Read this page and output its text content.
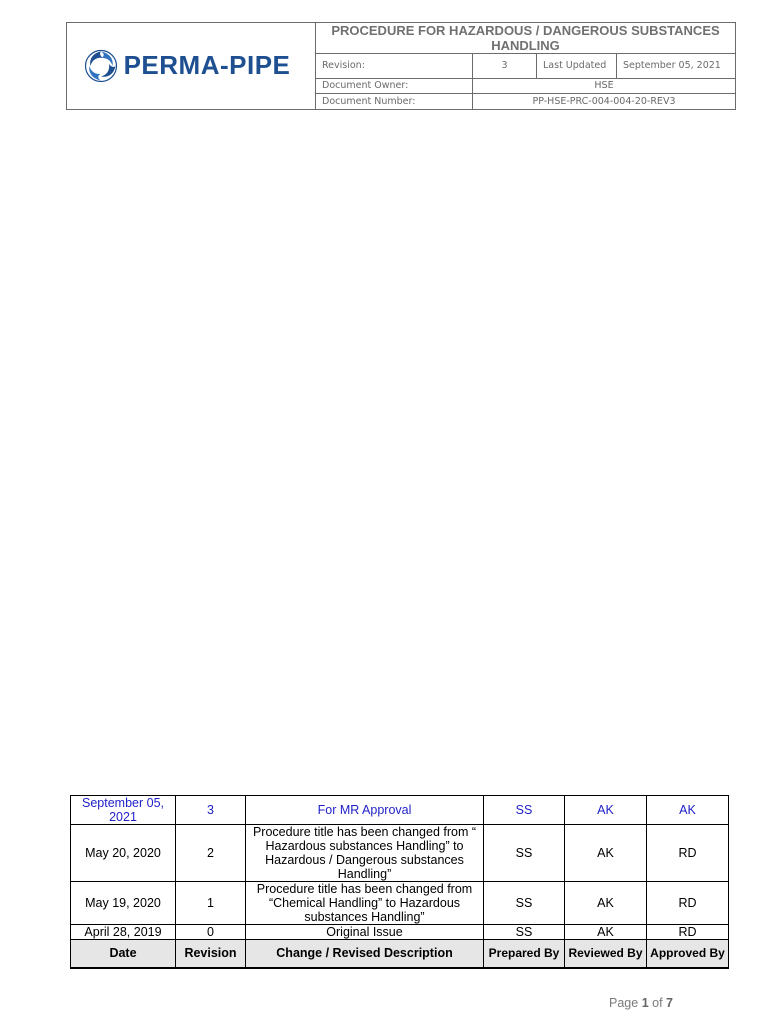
PERMA-PIPE
PROCEDURE FOR HAZARDOUS / DANGEROUS SUBSTANCES HANDLING
Revision:	3	Last Updated	September 05, 2021
Document Owner:	HSE
Document Number:	PP-HSE-PRC-004-004-20-REV3
September 05, 2021	3	For MR Approval	SS	AK	AK
May 20, 2020	2	Procedure title has been changed from “ Hazardous substances Handling” to Hazardous / Dangerous substances Handling”	SS	AK	RD
May 19, 2020	1	Procedure title has been changed from “Chemical Handling” to Hazardous substances Handling”	SS	AK	RD
April 28, 2019	0	Original Issue	SS	AK	RD
Date	Revision	Change / Revised Description	Prepared By	Reviewed By	Approved By
Page 1 of 7
